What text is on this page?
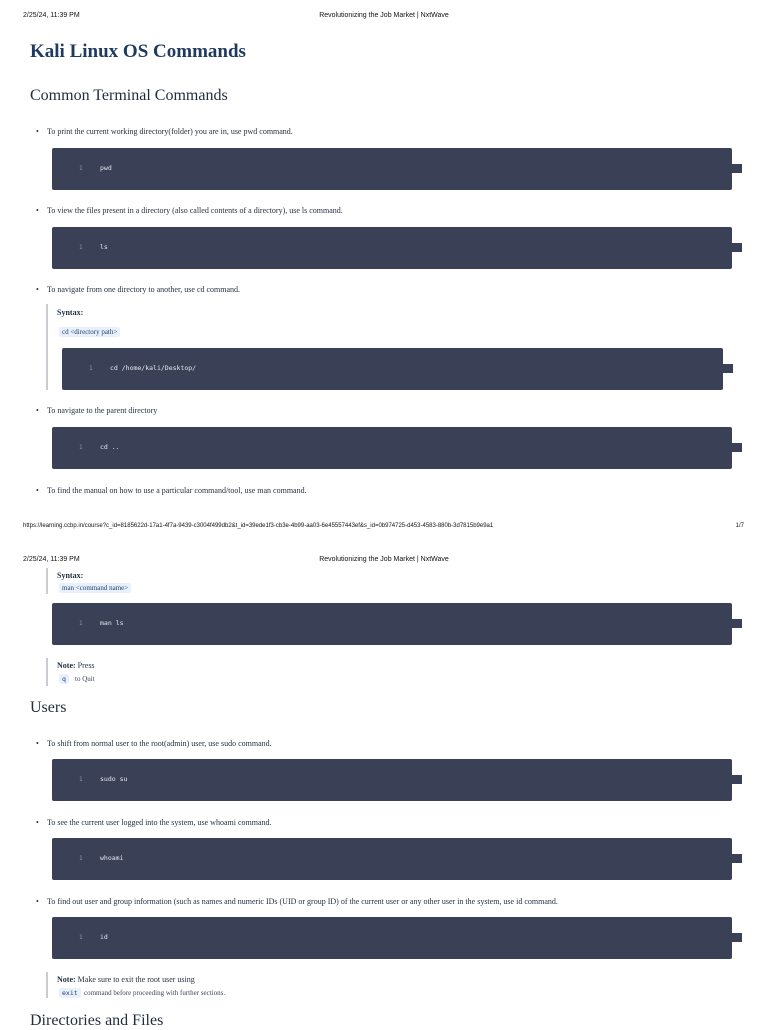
2/25/24, 11:39 PM	Revolutionizing the Job Market | NxtWave
Kali Linux OS Commands
Common Terminal Commands
• To print the current working directory(folder) you are in, use pwd command.
1	pwd
• To view the files present in a directory (also called contents of a directory), use ls command.
1	ls
• To navigate from one directory to another, use cd command.
Syntax:
cd <directory path>
1	cd /home/kali/Desktop/
• To navigate to the parent directory
1	cd ..
• To find the manual on how to use a particular command/tool, use man command.
https://learning.ccbp.in/course?c_id=8185622d-17a1-4f7a-9439-c3004f499db2&t_id=39ede1f3-cb3e-4b99-aa03-6e45557443ef&s_id=0b974725-d453-4583-880b-3d7815b9e9a1	1/7
2/25/24, 11:39 PM	Revolutionizing the Job Market | NxtWave
Syntax:
man <command name>
1	man ls
Note: Press
q	to Quit
Users
• To shift from normal user to the root(admin) user, use sudo command.
1	sudo su
• To see the current user logged into the system, use whoami command.
1	whoami
• To find out user and group information (such as names and numeric IDs (UID or group ID) of the current user or any other user in the system, use id command.
1	id
Note: Make sure to exit the root user using
exit command before proceeding with further sections.
Directories and Files
